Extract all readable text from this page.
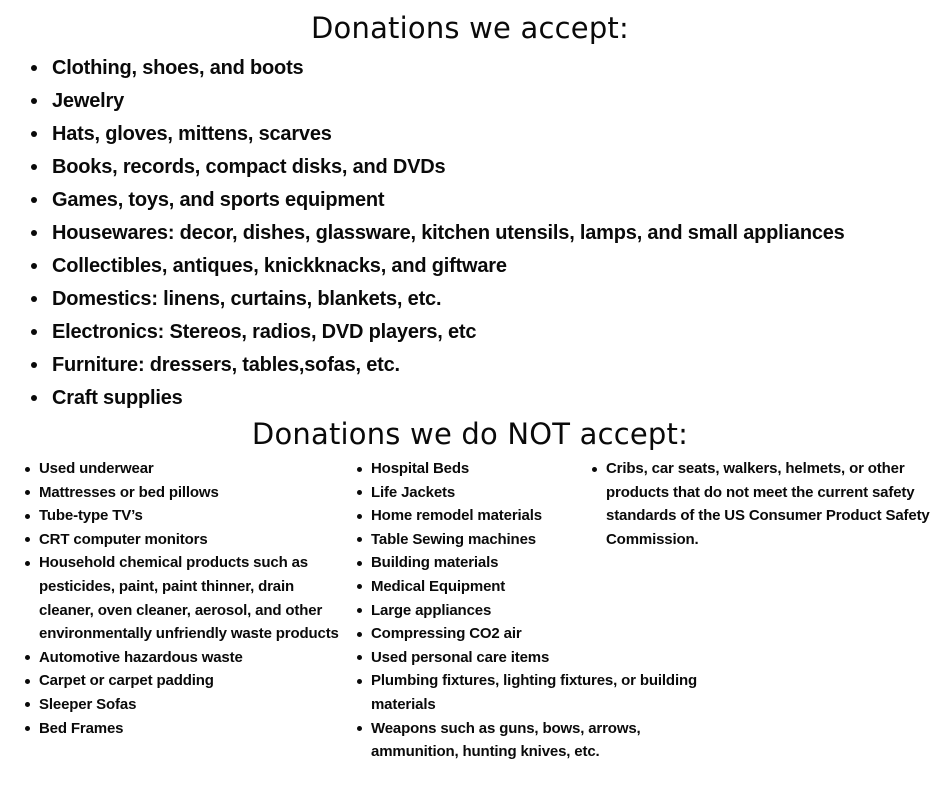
Donations we accept:
Clothing, shoes, and boots
Jewelry
Hats, gloves, mittens, scarves
Books, records, compact disks, and DVDs
Games, toys, and sports equipment
Housewares: decor, dishes, glassware, kitchen utensils, lamps, and small appliances
Collectibles, antiques, knickknacks, and giftware
Domestics: linens, curtains, blankets, etc.
Electronics: Stereos, radios, DVD players, etc
Furniture: dressers, tables,sofas, etc.
Craft supplies
Donations we do NOT accept:
Used underwear
Mattresses or bed pillows
Tube-type TV’s
CRT computer monitors
Household chemical products such as pesticides, paint, paint thinner, drain cleaner, oven cleaner, aerosol, and other environmentally unfriendly waste products
Automotive hazardous waste
Carpet or carpet padding
Sleeper Sofas
Bed Frames
Hospital Beds
Life Jackets
Home remodel materials
Table Sewing machines
Building materials
Medical Equipment
Large appliances
Compressing CO2 air
Used personal care items
Plumbing fixtures, lighting fixtures, or building materials
Weapons such as guns, bows, arrows, ammunition, hunting knives, etc.
Cribs, car seats, walkers, helmets, or other products that do not meet the current safety standards of the US Consumer Product Safety Commission.
